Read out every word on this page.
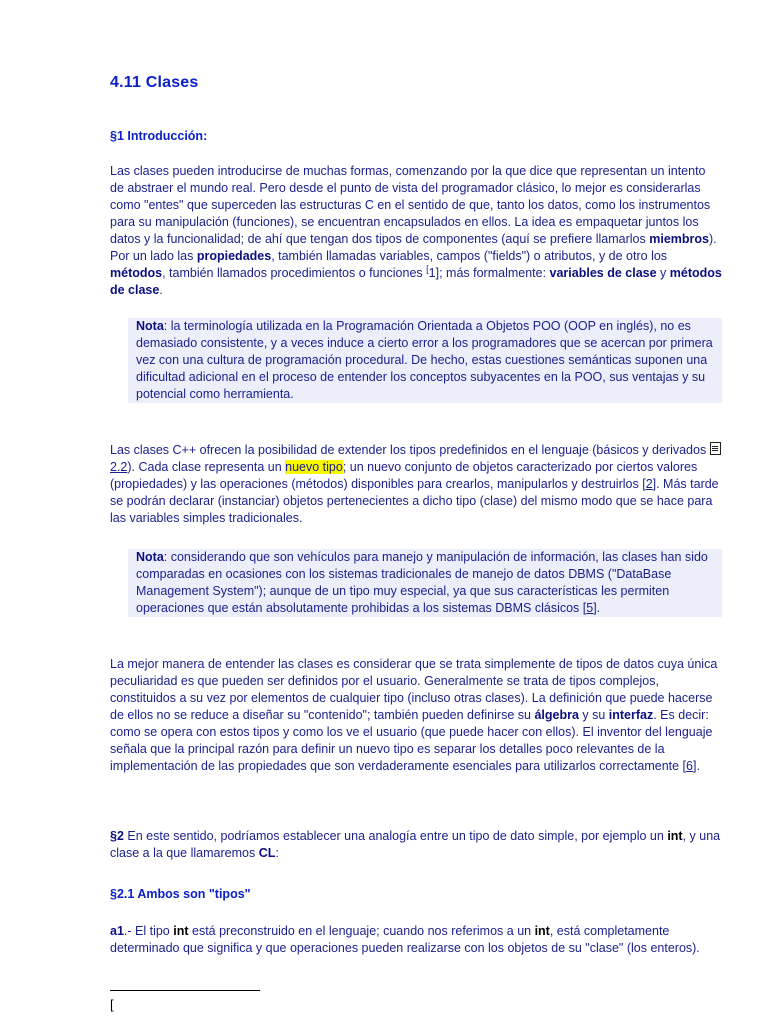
4.11 Clases
§1 Introducción:

Las clases pueden introducirse de muchas formas, comenzando por la que dice que representan un intento de abstraer el mundo real. Pero desde el punto de vista del programador clásico, lo mejor es considerarlas como "entes" que superceden las estructuras C en el sentido de que, tanto los datos, como los instrumentos para su manipulación (funciones), se encuentran encapsulados en ellos. La idea es empaquetar juntos los datos y la funcionalidad; de ahí que tengan dos tipos de componentes (aquí se prefiere llamarlos miembros). Por un lado las propiedades, también llamadas variables, campos ("fields") o atributos, y de otro los métodos, también llamados procedimientos o funciones [1]; más formalmente: variables de clase y métodos de clase.

Nota: la terminología utilizada en la Programación Orientada a Objetos POO (OOP en inglés), no es demasiado consistente, y a veces induce a cierto error a los programadores que se acercan por primera vez con una cultura de programación procedural. De hecho, estas cuestiones semánticas suponen una dificultad adicional en el proceso de entender los conceptos subyacentes en la POO, sus ventajas y su potencial como herramienta.

Las clases C++ ofrecen la posibilidad de extender los tipos predefinidos en el lenguaje (básicos y derivados 2.2). Cada clase representa un nuevo tipo; un nuevo conjunto de objetos caracterizado por ciertos valores (propiedades) y las operaciones (métodos) disponibles para crearlos, manipularlos y destruirlos [2]. Más tarde se podrán declarar (instanciar) objetos pertenecientes a dicho tipo (clase) del mismo modo que se hace para las variables simples tradicionales.

Nota: considerando que son vehículos para manejo y manipulación de información, las clases han sido comparadas en ocasiones con los sistemas tradicionales de manejo de datos DBMS ("DataBase Management System"); aunque de un tipo muy especial, ya que sus características les permiten operaciones que están absolutamente prohibidas a los sistemas DBMS clásicos [5].

La mejor manera de entender las clases es considerar que se trata simplemente de tipos de datos cuya única peculiaridad es que pueden ser definidos por el usuario. Generalmente se trata de tipos complejos, constituidos a su vez por elementos de cualquier tipo (incluso otras clases). La definición que puede hacerse de ellos no se reduce a diseñar su "contenido"; también pueden definirse su álgebra y su interfaz. Es decir: como se opera con estos tipos y como los ve el usuario (que puede hacer con ellos). El inventor del lenguaje señala que la principal razón para definir un nuevo tipo es separar los detalles poco relevantes de la implementación de las propiedades que son verdaderamente esenciales para utilizarlos correctamente [6].

§2 En este sentido, podríamos establecer una analogía entre un tipo de dato simple, por ejemplo un int, y una clase a la que llamaremos CL:

§2.1 Ambos son "tipos"

a1.- El tipo int está preconstruido en el lenguaje; cuando nos referimos a un int, está completamente determinado que significa y que operaciones pueden realizarse con los objetos de su "clase" (los enteros).

[
